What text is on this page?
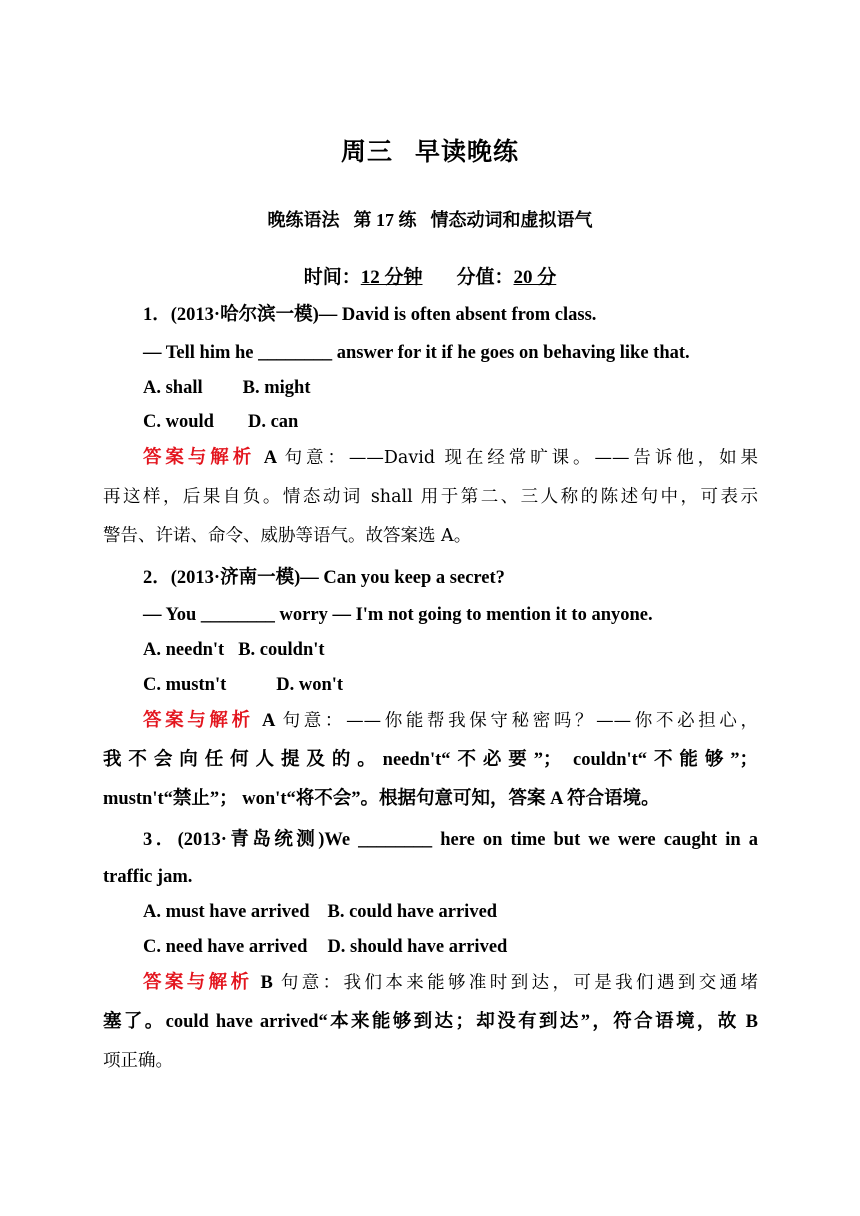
周三 早读晚练
晚练语法 第 17 练 情态动词和虚拟语气
时间：12 分钟 分值：20 分
1．(2013·哈尔滨一模)— David is often absent from class.
— Tell him he ________ answer for it if he goes on behaving like that.
A. shall B. might
C. would D. can
答案与解析 A 句意：——David 现在经常旷课。——告诉他，如果
再这样，后果自负。情态动词 shall 用于第二、三人称的陈述句中，可表示
警告、许诺、命令、威胁等语气。故答案选 A。
2．(2013·济南一模)— Can you keep a secret?
— You ________ worry — I'm not going to mention it to anyone.
A. needn't B. couldn't
C. mustn't	D. won't
答案与解析 A 句意：——你能帮我保守秘密吗？——你不必担心，
我不会向任何人提及的。needn't“不必要”； couldn't“不能够”；
mustn't“禁止”； won't“将不会”。根据句意可知，答案 A 符合语境。
3．(2013·青岛统测)We ________ here on time but we were caught in a
traffic jam.
A. must have arrived B. could have arrived
C. need have arrived D. should have arrived
答案与解析 B 句意：我们本来能够准时到达，可是我们遇到交通堵
塞了。could have arrived“本来能够到达；却没有到达”，符合语境，故 B
项正确。
